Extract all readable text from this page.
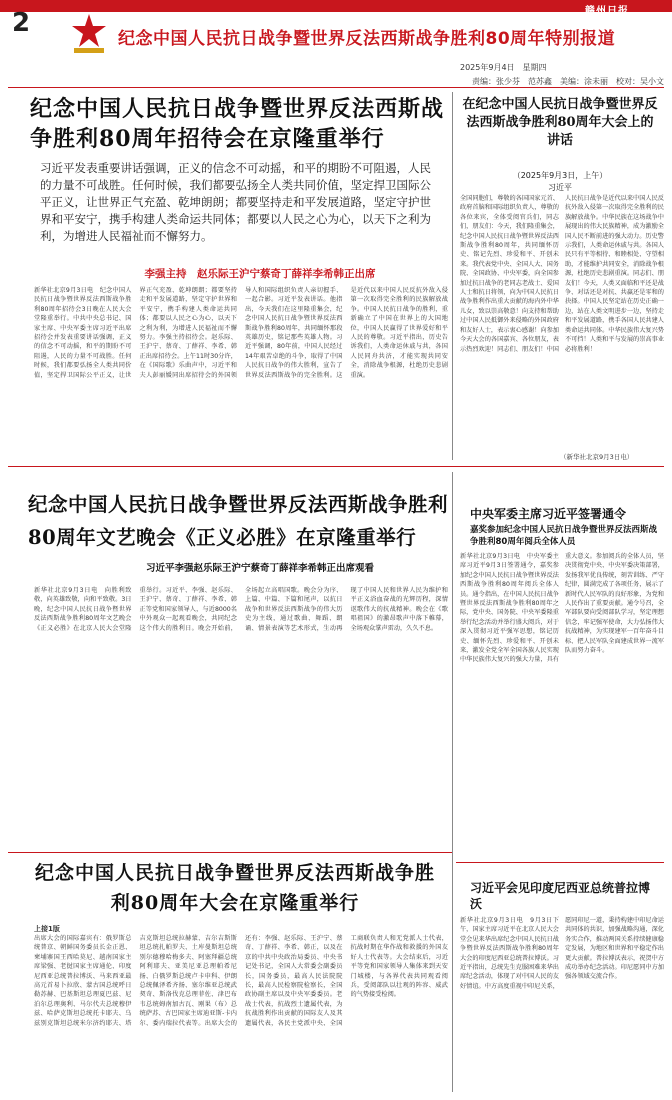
2
纪念中国人民抗日战争暨世界反法西斯战争胜利80周年特别报道
赣州日报
2025年9月4日　星期四
责编：张少芬　范苏鑫　美编：涂未丽　校对：吴小文
纪念中国人民抗日战争暨世界反法西斯战争胜利80周年招待会在京隆重举行
习近平发表重要讲话强调，正义的信念不可动摇，和平的期盼不可阻遏，人民的力量不可战胜。任何时候，我们都要弘扬全人类共同价值，坚定捍卫国际公平正义，让世界正气充盈、乾坤朗朗；都要坚持走和平发展道路，坚定守护世界和平安宁，携手构建人类命运共同体；都要以人民之心为心，以天下之利为利，为增进人民福祉而不懈努力。
李强主持　赵乐际王沪宁蔡奇丁薛祥李希韩正出席
新华社北京9月3日电　纪念中国人民抗日战争暨世界反法西斯战争胜利80周年招待会3日晚在人民大会堂隆重举行。中共中央总书记、国家主席、中央军委主席习近平出席招待会并发表重要讲话强调，正义的信念不可动摇，和平的期盼不可阻遏，人民的力量不可战胜。任何时候，我们都要弘扬全人类共同价值，坚定捍卫国际公平正义，让世界正气充盈、乾坤朗朗；都要坚持走和平发展道路，坚定守护世界和平安宁，携手构建人类命运共同体；都要以人民之心为心，以天下之利为利，为增进人民福祉而不懈努力。李强主持招待会。赵乐际、王沪宁、蔡奇、丁薛祥、李希、韩正出席招待会。上午11时30分许，在《国际歌》乐曲声中，习近平和夫人彭丽媛同出席招待会的外国领导人和国际组织负责人亲切握手、一起合影。习近平发表讲话。他指出，今天我们在这里隆重集会，纪念中国人民抗日战争暨世界反法西斯战争胜利80周年，共同缅怀那段英雄历史，铭记那些英雄人物。习近平强调，80年前，中国人民经过14年艰苦卓绝的斗争，取得了中国人民抗日战争的伟大胜利，宣告了世界反法西斯战争的完全胜利。这是近代以来中国人民反抗外敌入侵第一次取得完全胜利的民族解放战争。中国人民抗日战争的胜利，重新确立了中国在世界上的大国地位，中国人民赢得了世界爱好和平人民的尊敬。习近平指出，历史告诉我们，人类命运休戚与共，各国人民同舟共济，才能实现共同安全，消除战争根源，杜绝历史悲剧重演。
在纪念中国人民抗日战争暨世界反法西斯战争胜利80周年大会上的讲话
（2025年9月3日，上午）
习近平
全国同胞们，尊敬的各国国家元首、政府首脑和国际组织负责人，尊敬的各位来宾，全体受阅官兵们，同志们，朋友们：今天，我们隆重集会，纪念中国人民抗日战争暨世界反法西斯战争胜利80周年，共同缅怀历史、铭记先烈、珍爱和平、开创未来。我代表党中央、全国人大、国务院、全国政协、中央军委，向全国参加过抗日战争的老同志老战士、爱国人士和抗日将领，向为中国人民抗日战争胜利作出重大贡献的海内外中华儿女，致以崇高敬意！向支持和帮助过中国人民抵御外来侵略的外国政府和友好人士，表示衷心感谢！向参加今天大会的各国嘉宾、各位朋友，表示热烈欢迎！同志们、朋友们！中国人民抗日战争是近代以来中国人民反抗外敌入侵第一次取得完全胜利的民族解放战争。中华民族在这场战争中展现出的伟大民族精神，成为激励全国人民不断前进的强大动力。历史警示我们，人类命运休戚与共。各国人民只有平等相待、和睦相处、守望相助，才能维护共同安全，消除战争根源，杜绝历史悲剧重演。同志们、朋友们！今天，人类又面临和平还是战争、对话还是对抗、共赢还是零和的抉择。中国人民坚定站在历史正确一边，站在人类文明进步一边，坚持走和平发展道路，携手各国人民共建人类命运共同体。中华民族伟大复兴势不可挡！人类和平与发展的崇高事业必将胜利！
（新华社北京9月3日电）
纪念中国人民抗日战争暨世界反法西斯战争胜利80周年文艺晚会《正义必胜》在京隆重举行
习近平李强赵乐际王沪宁蔡奇丁薛祥李希韩正出席观看
新华社北京9月3日电　向胜利致敬，向英雄致敬，向和平致敬。3日晚，纪念中国人民抗日战争暨世界反法西斯战争胜利80周年文艺晚会《正义必胜》在北京人民大会堂隆重举行。习近平、李强、赵乐际、王沪宁、蔡奇、丁薛祥、李希、韩正等党和国家领导人，与近8000名中外观众一起观看晚会，共同纪念这个伟大的胜利日。晚会开始前，全场起立高唱国歌。晚会分为序、上篇、中篇、下篇和尾声，以抗日战争和世界反法西斯战争的伟大历史为主线，通过歌曲、舞蹈、朗诵、情景表演等艺术形式，生动再现了中国人民和世界人民为维护和平正义浴血奋战的光辉历程，深情讴歌伟大的抗战精神。晚会在《歌唱祖国》的激昂歌声中落下帷幕，全场观众掌声雷动，久久不息。
中央军委主席习近平签署通令
嘉奖参加纪念中国人民抗日战争暨世界反法西斯战争胜利80周年阅兵全体人员
新华社北京9月3日电　中央军委主席习近平9月3日签署通令，嘉奖参加纪念中国人民抗日战争暨世界反法西斯战争胜利80周年阅兵全体人员。通令指出，在中国人民抗日战争暨世界反法西斯战争胜利80周年之际，党中央、国务院、中央军委隆重举行纪念活动并举行盛大阅兵，对于深入贯彻习近平强军思想，铭记历史、缅怀先烈、珍爱和平、开创未来，激发全党全军全国各族人民实现中华民族伟大复兴的强大力量，具有重大意义。参加阅兵的全体人员，坚决贯彻党中央、中央军委决策部署，发扬我军优良传统，刻苦训练、严守纪律，圆满完成了各项任务，展示了新时代人民军队的良好形象，为党和人民作出了重要贡献。通令号召，全军部队要向受阅部队学习，坚定理想信念，牢记强军使命，大力弘扬伟大抗战精神，为实现建军一百年奋斗目标、把人民军队全面建成世界一流军队而努力奋斗。
纪念中国人民抗日战争暨世界反法西斯战争胜利80周年大会在京隆重举行
上接1版
出席大会的国际嘉宾有：俄罗斯总统普京、朝鲜国务委员长金正恩、柬埔寨国王西哈莫尼、越南国家主席梁强、老挝国家主席通伦、印度尼西亚总统普拉博沃、马来西亚最高元首易卜拉欣、蒙古国总统呼日勒苏赫、巴基斯坦总理夏巴兹、尼泊尔总理奥利、马尔代夫总统穆伊兹、哈萨克斯坦总统托卡耶夫、乌兹别克斯坦总统米尔济约耶夫、塔吉克斯坦总统拉赫蒙、吉尔吉斯斯坦总统扎帕罗夫、土库曼斯坦总统别尔德穆哈梅多夫、阿塞拜疆总统阿利耶夫、亚美尼亚总理帕希尼扬、白俄罗斯总统卢卡申科、伊朗总统佩泽希齐扬、塞尔维亚总统武契奇、斯洛伐克总理菲佐、津巴布韦总统姆南加古瓦、刚果（布）总统萨苏、古巴国家主席迪亚斯-卡内尔、委内瑞拉代表等。出席大会的还有：李强、赵乐际、王沪宁、蔡奇、丁薛祥、李希、韩正，以及在京的中共中央政治局委员、中央书记处书记，全国人大常委会副委员长，国务委员，最高人民法院院长，最高人民检察院检察长，全国政协副主席以及中央军委委员。老战士代表，抗战烈士遗属代表，为抗战胜利作出贡献的国际友人及其遗属代表，各民主党派中央、全国工商联负责人和无党派人士代表，抗战时期在华作战和救援的外国友好人士代表等。大会结束后，习近平等党和国家领导人集体来到天安门城楼，与各界代表共同观看阅兵，受阅部队以壮观的阵容、威武的气势接受检阅。
习近平会见印度尼西亚总统普拉博沃
新华社北京9月3日电　9月3日下午，国家主席习近平在北京人民大会堂会见来华出席纪念中国人民抗日战争暨世界反法西斯战争胜利80周年大会的印度尼西亚总统普拉博沃。习近平指出，总统先生克服困难来华出席纪念活动，体现了对中国人民的友好情谊。中方高度重视中印尼关系，愿同印尼一道，秉持构建中印尼命运共同体的共识，加强战略沟通，深化务实合作，推动两国关系持续健康稳定发展，为地区和世界和平稳定作出更大贡献。普拉博沃表示，祝贺中方成功举办纪念活动。印尼愿同中方加强各领域交流合作。
